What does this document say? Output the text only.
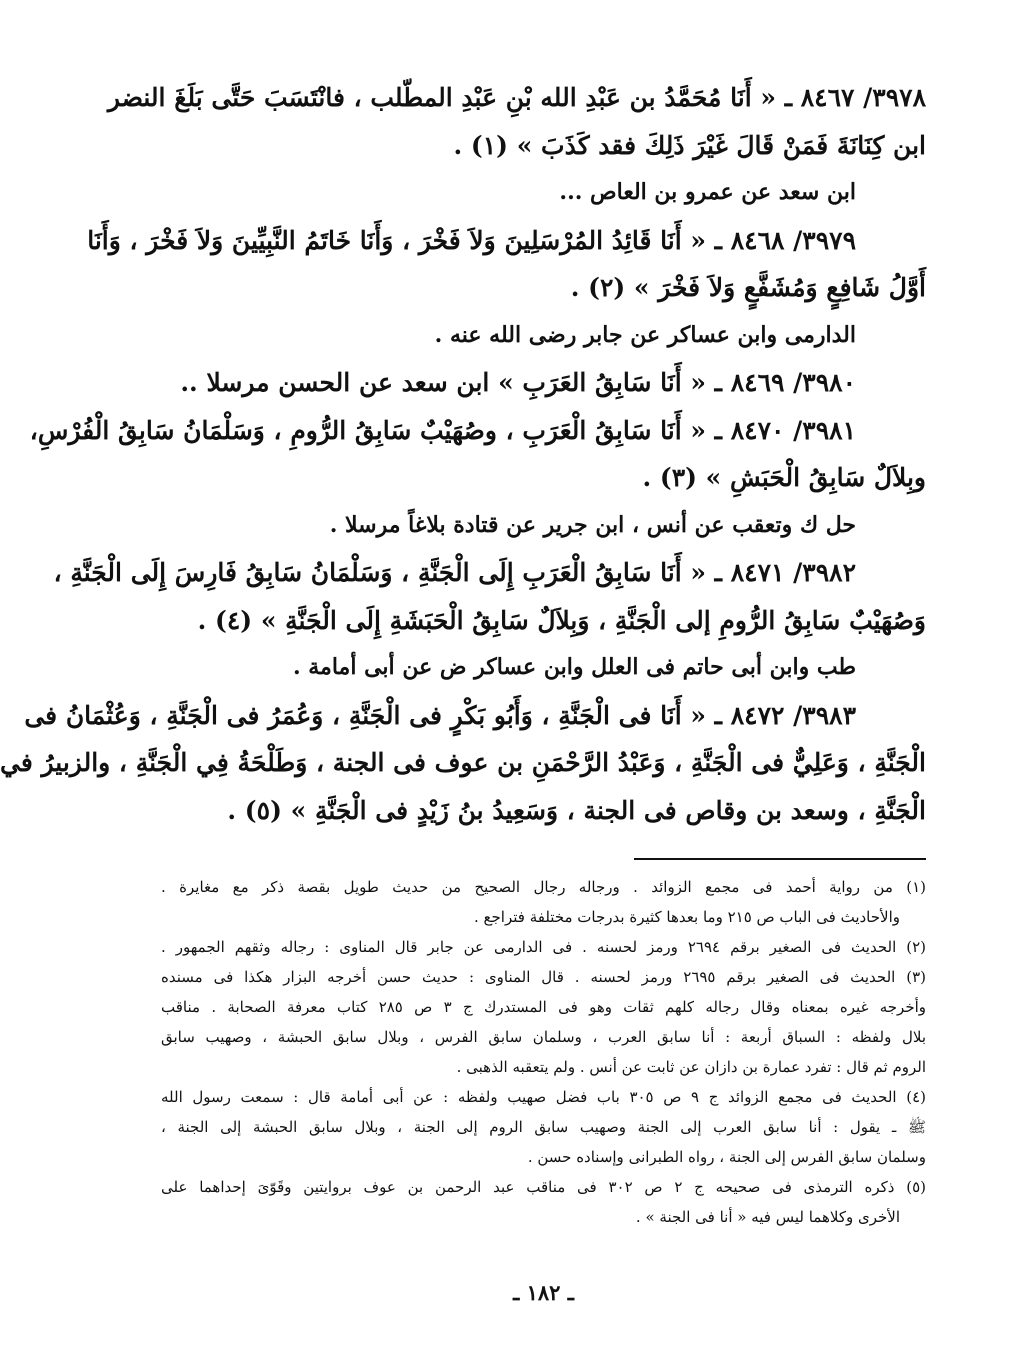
٣٩٧٨/ ٨٤٦٧ ـ « أَنَا مُحَمَّدُ بن عَبْدِ الله بْنِ عَبْدِ المطّلب ، فانْتَسَبَ حَتَّى بَلَغَ النضر
ابن كِنَانَةَ فَمَنْ قَالَ غَيْرَ ذَلِكَ فقد كَذَبَ » (١) .
ابن سعد عن عمرو بن العاص ...
٣٩٧٩/ ٨٤٦٨ ـ « أَنَا قَائِدُ المُرْسَلِينَ وَلاَ فَخْرَ ، وَأَنَا خَاتَمُ النَّبِيِّينَ وَلاَ فَخْرَ ، وَأَنَا
أَوَّلُ شَافِعٍ وَمُشَفَّعٍ وَلاَ فَخْرَ » (٢) .
الدارمى وابن عساكر عن جابر رضى الله عنه .
٣٩٨٠/ ٨٤٦٩ ـ « أَنَا سَابِقُ العَرَبِ » ابن سعد عن الحسن مرسلا ..
٣٩٨١/ ٨٤٧٠ ـ « أَنَا سَابِقُ الْعَرَبِ ، وصُهَيْبٌ سَابِقُ الرُّومِ ، وَسَلْمَانُ سَابِقُ الْفُرْسِ،
وبِلاَلٌ سَابِقُ الْحَبَشِ » (٣) .
حل ك وتعقب عن أنس ، ابن جرير عن قتادة بلاغاً مرسلا .
٣٩٨٢/ ٨٤٧١ ـ « أَنَا سَابِقُ الْعَرَبِ إِلَى الْجَنَّةِ ، وَسَلْمَانُ سَابِقُ فَارِسَ إِلَى الْجَنَّةِ ،
وَصُهَيْبٌ سَابِقُ الرُّومِ إلى الْجَنَّةِ ، وَبِلاَلٌ سَابِقُ الْحَبَشَةِ إِلَى الْجَنَّةِ » (٤) .
طب وابن أبى حاتم فى العلل وابن عساكر ض عن أبى أمامة .
٣٩٨٣/ ٨٤٧٢ ـ « أَنَا فى الْجَنَّةِ ، وَأَبُو بَكْرٍ فى الْجَنَّةِ ، وَعُمَرُ فى الْجَنَّةِ ، وَعُثْمَانُ فى
الْجَنَّةِ ، وَعَلِيٌّ فى الْجَنَّةِ ، وَعَبْدُ الرَّحْمَنِ بن عوف فى الجنة ، وَطَلْحَةُ فِي الْجَنَّةِ ، والزبيرُ في
الْجَنَّةِ ، وسعد بن وقاص فى الجنة ، وَسَعِيدُ بنُ زَيْدٍ فى الْجَنَّةِ » (٥) .
(١) من رواية أحمد فى مجمع الزوائد . ورجاله رجال الصحيح من حديث طويل بقصة ذكر مع مغايرة .
والأحاديث فى الباب ص ٢١٥ وما بعدها كثيرة بدرجات مختلفة فتراجع .
(٢) الحديث فى الصغير برقم ٢٦٩٤ ورمز لحسنه . فى الدارمى عن جابر قال المناوى : رجاله وثقهم الجمهور .
(٣) الحديث فى الصغير برقم ٢٦٩٥ ورمز لحسنه . قال المناوى : حديث حسن أخرجه البزار هكذا فى مسنده
وأخرجه غيره بمعناه وقال رجاله كلهم ثقات وهو فى المستدرك ج ٣ ص ٢٨٥ كتاب معرفة الصحابة . مناقب
بلال ولفظه : السباق أربعة : أنا سابق العرب ، وسلمان سابق الفرس ، وبلال سابق الحبشة ، وصهيب سابق
الروم ثم قال : تفرد عمارة بن دازان عن ثابت عن أنس . ولم يتعقبه الذهبى .
(٤) الحديث فى مجمع الزوائد ج ٩ ص ٣٠٥ باب فضل صهيب ولفظه : عن أبى أمامة قال : سمعت رسول الله
ﷺ ـ يقول : أنا سابق العرب إلى الجنة وصهيب سابق الروم إلى الجنة ، وبلال سابق الحبشة إلى الجنة ،
وسلمان سابق الفرس إلى الجنة ، رواه الطبرانى وإسناده حسن .
(٥) ذكره الترمذى فى صحيحه ج ٢ ص ٣٠٢ فى مناقب عبد الرحمن بن عوف بروايتين وقَوّىَ إحداهما على
الأخرى وكلاهما ليس فيه « أنا فى الجنة » .
ـ ١٨٢ ـ
